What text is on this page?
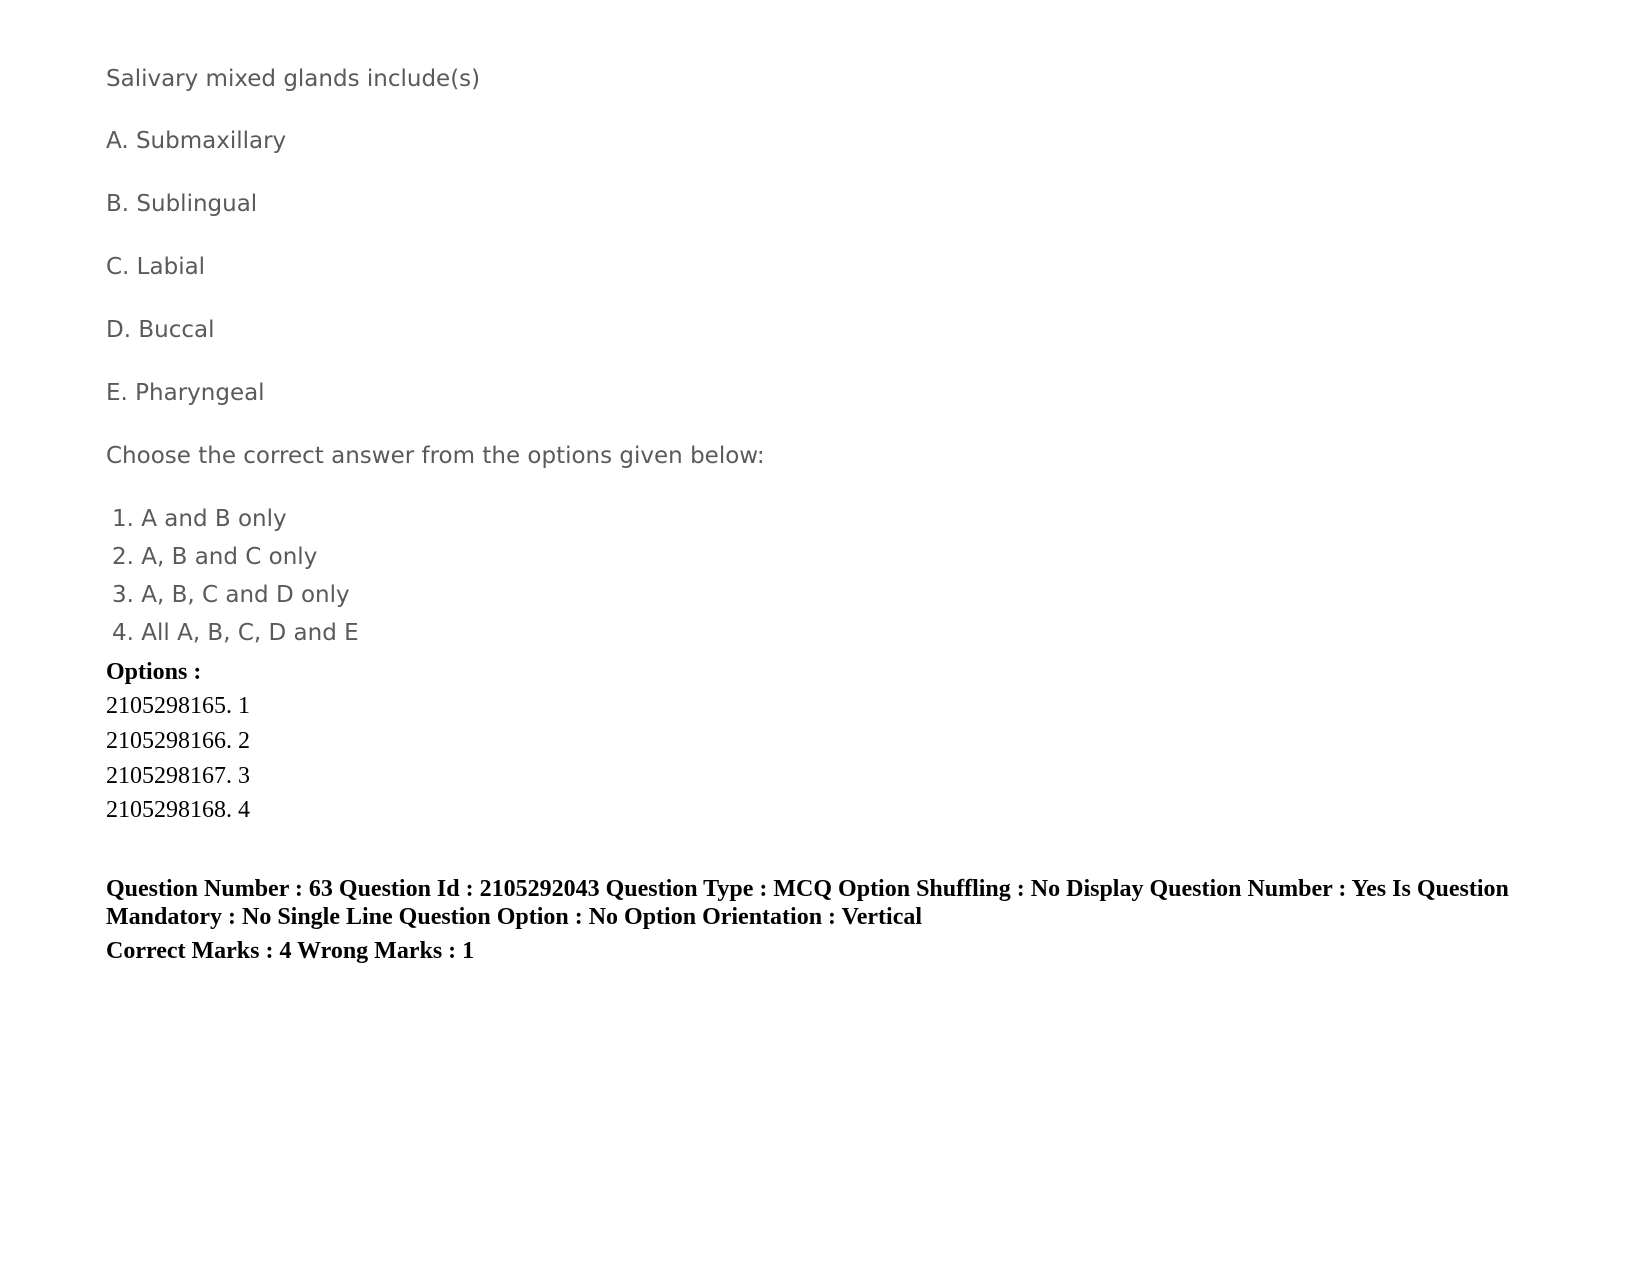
Salivary mixed glands include(s)
A. Submaxillary
B. Sublingual
C. Labial
D. Buccal
E. Pharyngeal
Choose the correct answer from the options given below:
1. A and B only
2. A, B and C only
3. A, B, C and D only
4. All A, B, C, D and E
Options :
2105298165. 1
2105298166. 2
2105298167. 3
2105298168. 4
Question Number : 63 Question Id : 2105292043 Question Type : MCQ Option Shuffling : No Display Question Number : Yes Is Question Mandatory : No Single Line Question Option : No Option Orientation : Vertical
Correct Marks : 4 Wrong Marks : 1
